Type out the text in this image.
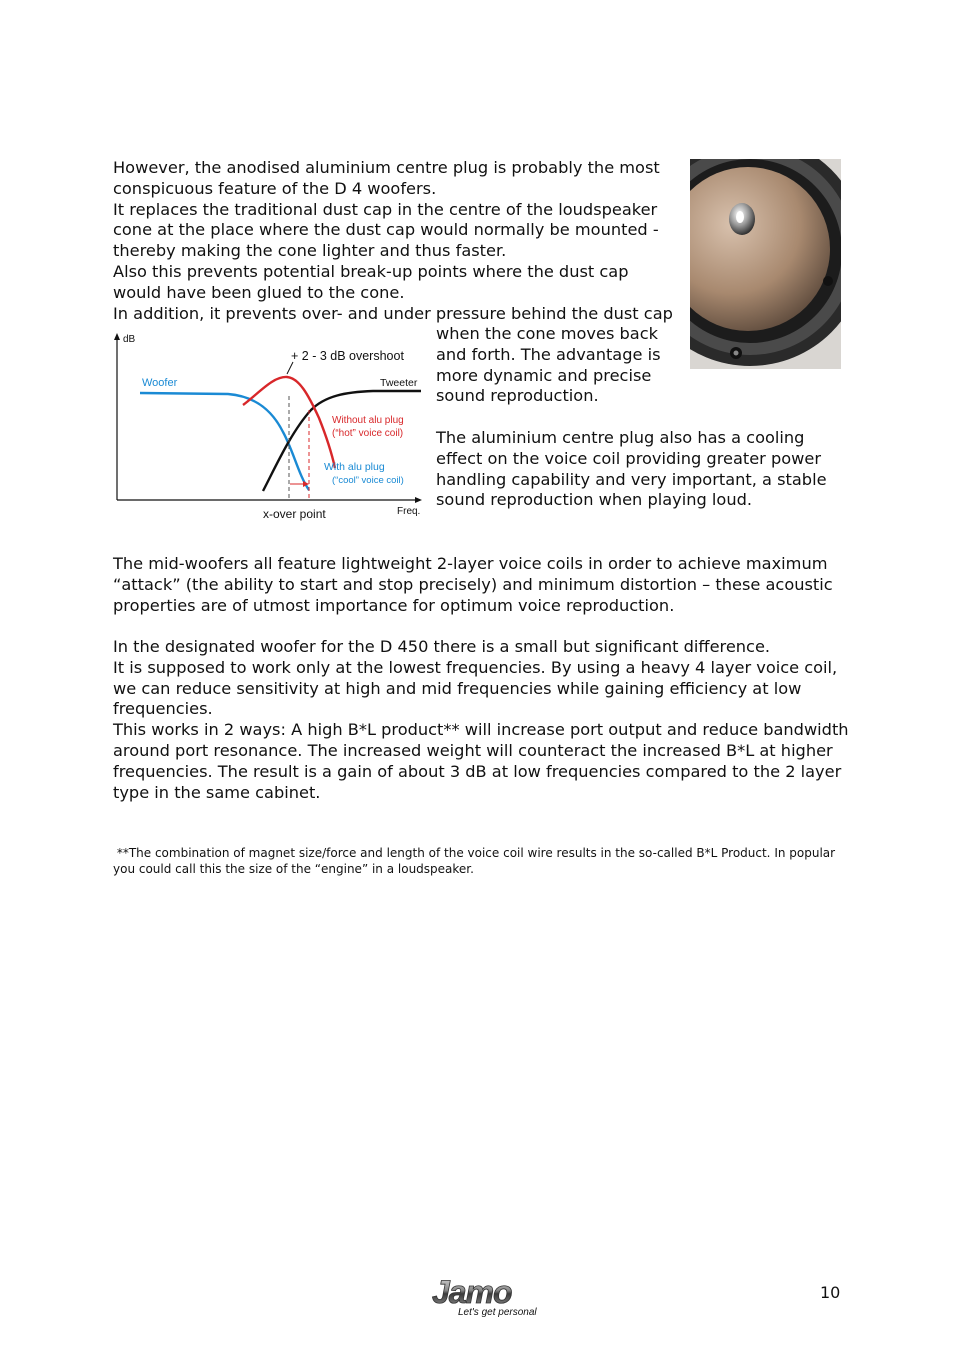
However, the anodised aluminium centre plug is probably the most
conspicuous feature of the D 4 woofers.
It replaces the traditional dust cap in the centre of the loudspeaker
cone at the place where the dust cap would normally be mounted -
thereby making the cone lighter and thus faster.
Also this prevents potential break-up points where the dust cap
would have been glued to the cone.
In addition, it prevents over- and under pressure behind the dust cap
when the cone moves back
and forth. The advantage is
more dynamic and precise
sound reproduction.
The aluminium centre plug also has a cooling
effect on the voice coil providing greater power
handling capability and very important, a stable
sound reproduction when playing loud.
dB
Freq.
+ 2 - 3 dB overshoot
Woofer	Tweeter
Without alu plug
(“hot” voice coil)
With alu plug
(“cool” voice coil)
x-over point
The mid-woofers all feature lightweight 2-layer voice coils in order to achieve maximum
“attack” (the ability to start and stop precisely) and minimum distortion – these acoustic
properties are of utmost importance for optimum voice reproduction.
In the designated woofer for the D 450 there is a small but significant difference.
It is supposed to work only at the lowest frequencies. By using a heavy 4 layer voice coil,
we can reduce sensitivity at high and mid frequencies while gaining efficiency at low
frequencies.
This works in 2 ways: A high B*L product** will increase port output and reduce bandwidth
around port resonance. The increased weight will counteract the increased B*L at higher
frequencies. The result is a gain of about 3 dB at low frequencies compared to the 2 layer
type in the same cabinet.
**The combination of magnet size/force and length of the voice coil wire results in the so-called B*L Product. In popular
you could call this the size of the “engine” in a loudspeaker.
Jamo
Let's get personal
10
